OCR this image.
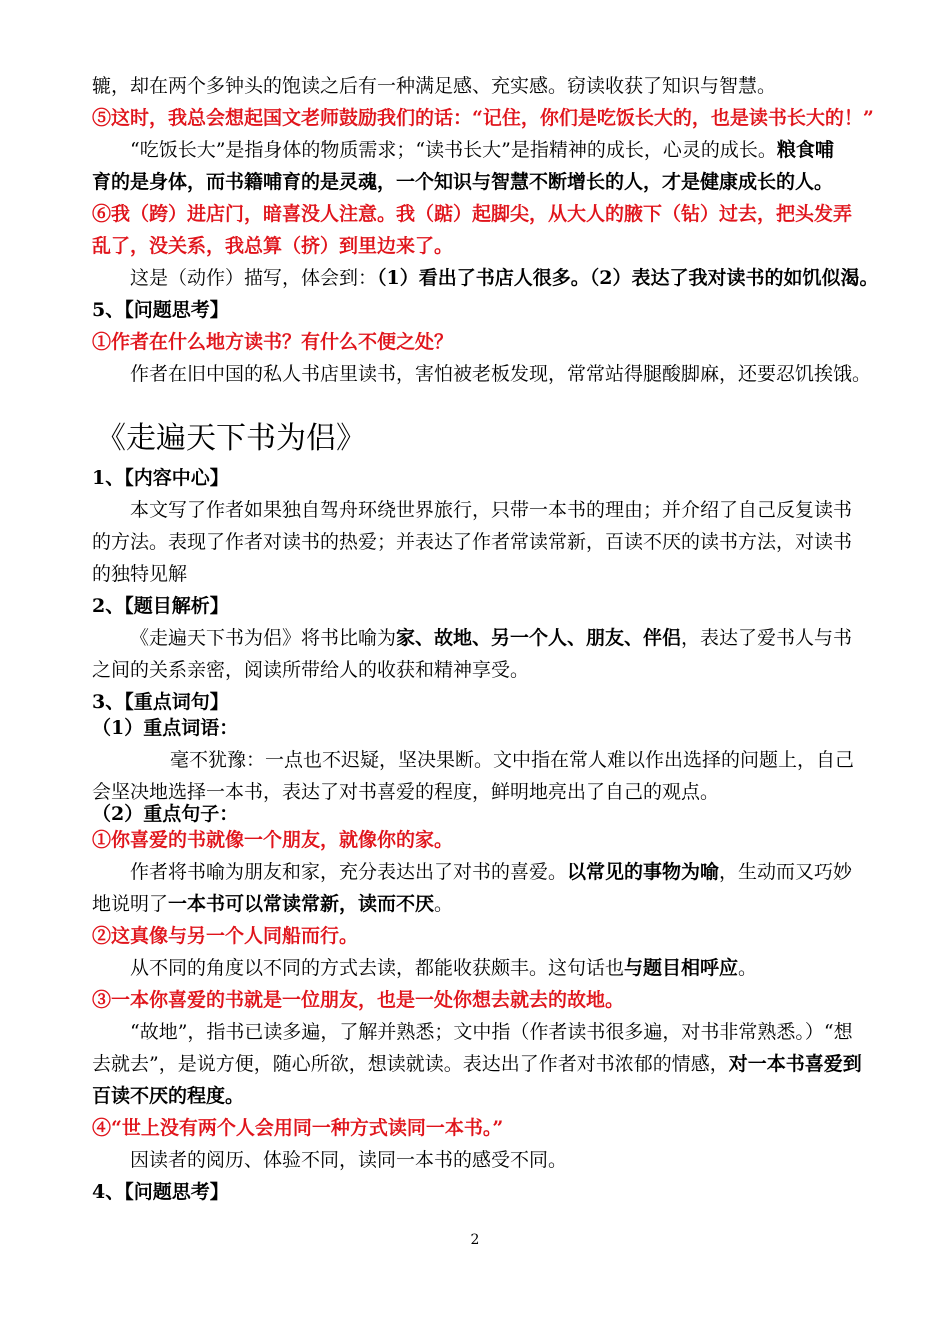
辘，却在两个多钟头的饱读之后有一种满足感、充实感。窃读收获了知识与智慧。
⑤这时，我总会想起国文老师鼓励我们的话：“记住，你们是吃饭长大的，也是读书长大的！”
“吃饭长大”是指身体的物质需求；“读书长大”是指精神的成长，心灵的成长。粮食哺
育的是身体，而书籍哺育的是灵魂，一个知识与智慧不断增长的人，才是健康成长的人。
⑥我（跨）进店门，暗喜没人注意。我（踮）起脚尖，从大人的腋下（钻）过去，把头发弄
乱了，没关系，我总算（挤）到里边来了。
这是（动作）描写，体会到：（1）看出了书店人很多。（2）表达了我对读书的如饥似渴。
5、【问题思考】
①作者在什么地方读书？有什么不便之处？
作者在旧中国的私人书店里读书，害怕被老板发现，常常站得腿酸脚麻，还要忍饥挨饿。
1、【内容中心】
本文写了作者如果独自驾舟环绕世界旅行，只带一本书的理由；并介绍了自己反复读书
的方法。表现了作者对读书的热爱；并表达了作者常读常新，百读不厌的读书方法，对读书
的独特见解
2、【题目解析】
《走遍天下书为侣》将书比喻为家、故地、另一个人、朋友、伴侣，表达了爱书人与书
之间的关系亲密，阅读所带给人的收获和精神享受。
3、【重点词句】
（1）重点词语：
毫不犹豫：一点也不迟疑，坚决果断。文中指在常人难以作出选择的问题上，自己
会坚决地选择一本书，表达了对书喜爱的程度，鲜明地亮出了自己的观点。
（2）重点句子：
①你喜爱的书就像一个朋友，就像你的家。
作者将书喻为朋友和家，充分表达出了对书的喜爱。以常见的事物为喻，生动而又巧妙
地说明了一本书可以常读常新，读而不厌。
②这真像与另一个人同船而行。
从不同的角度以不同的方式去读，都能收获颇丰。这句话也与题目相呼应。
③一本你喜爱的书就是一位朋友，也是一处你想去就去的故地。
“故地”，指书已读多遍，了解并熟悉；文中指（作者读书很多遍，对书非常熟悉。）“想
去就去”，是说方便，随心所欲，想读就读。表达出了作者对书浓郁的情感，对一本书喜爱到
百读不厌的程度。
④“世上没有两个人会用同一种方式读同一本书。”
因读者的阅历、体验不同，读同一本书的感受不同。
4、【问题思考】
《走遍天下书为侣》
2
